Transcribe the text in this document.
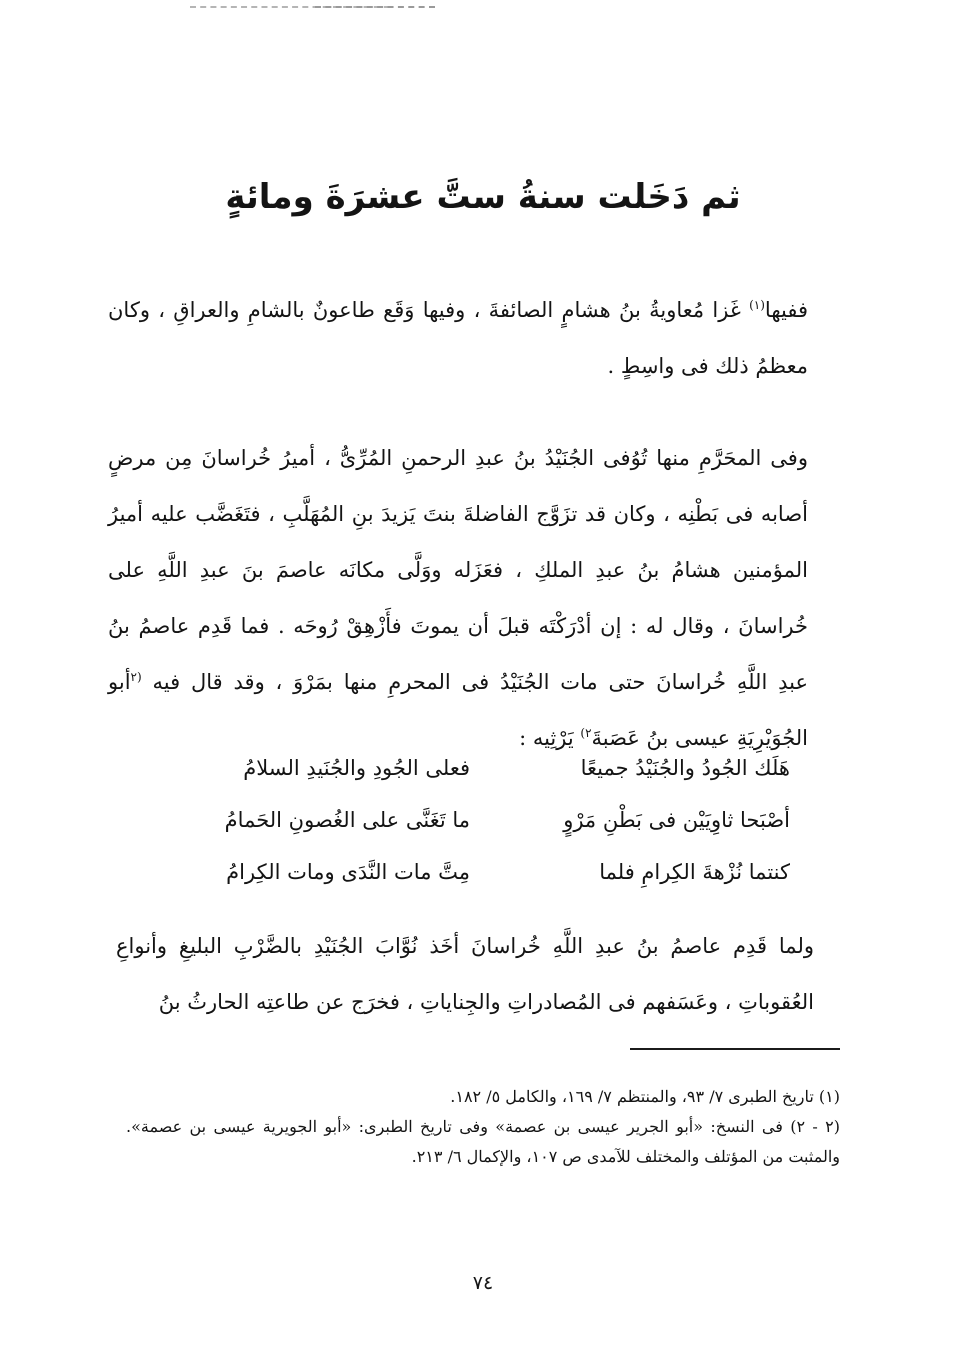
ثم دَخَلت سنةُ ستَّ عشرَةَ ومائةٍ

ففيها$^{(١)}$ غَزا مُعاويةُ بنُ هشامٍ الصائفةَ ، وفيها وَقَع طاعونٌ بالشامِ والعراقِ ، وكان معظمُ ذلك فى واسِطٍ .

وفى المحَرَّمِ منها تُوُفى الجُنَيْدُ بنُ عبدِ الرحمنِ المُرِّىُّ ، أميرُ خُراسانَ مِن مرضٍ أصابه فى بَطْنِه ، وكان قد تزَوَّج الفاضلةَ بنتَ يَزيدَ بنِ المُهَلَّبِ ، فتَغَضَّب عليه أميرُ المؤمنين هشامُ بنُ عبدِ الملكِ ، فعَزَله ووَلَّى مكانَه عاصمَ بنَ عبدِ اللَّهِ على خُراسانَ ، وقال له : إن أدْرَكْتَه قبلَ أن يموتَ فأَزْهِقْ رُوحَه . فما قَدِم عاصمُ بنُ عبدِ اللَّهِ خُراسانَ حتى مات الجُنَيْدُ فى المحرمِ منها بمَرْوَ ، وقد قال فيه $^{(٢}$أبو الجُوَيْرِيَةِ عيسى بنُ عَصَبةَ$^{٢)}$ يَرْثِيه :

هَلَك الجُودُ والجُنَيْدُ جميعًا
فعلى الجُودِ والجُنَيدِ السلامُ
أصْبَحا ثاوِيَيْن فى بَطْنِ مَرْوٍ
ما تَغَنَّى على الغُصونِ الحَمامُ
كنتما نُزْهةَ الكِرامِ فلما
مِتَّ مات النَّدَى ومات الكِرامُ

ولما قَدِم عاصمُ بنُ عبدِ اللَّهِ خُراسانَ أخَذ نُوَّابَ الجُنَيْدِ بالضَّرْبِ البليغِ وأنواعِ العُقوباتِ ، وعَسَفهم فى المُصادراتِ والجِناياتِ ، فخرَج عن طاعتِه الحارثُ بنُ

(١) تاريخ الطبرى ٧/ ٩٣، والمنتظم ٧/ ١٦٩، والكامل ٥/ ١٨٢.

(٢ - ٢) فى النسخ: «أبو الجرير عيسى بن عصمة» وفى تاريخ الطبرى: «أبو الجويرية عيسى بن عصمة». والمثبت من المؤتلف والمختلف للآمدى ص ١٠٧، والإكمال ٦/ ٢١٣.

٧٤
